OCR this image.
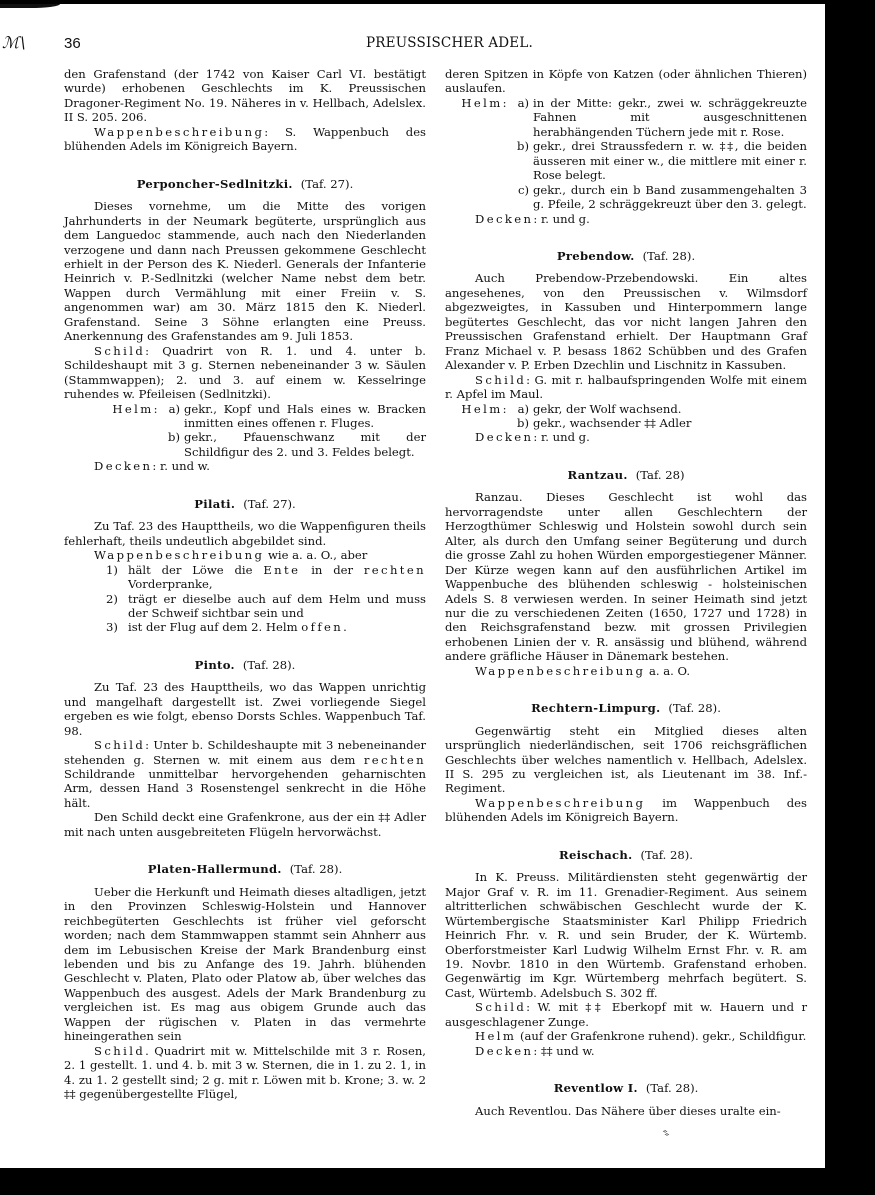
ℳ \	36	PREUSSISCHER ADEL.

den Grafenstand (der 1742 von Kaiser Carl VI. bestätigt wurde) erhobenen Geschlechts im K. Preussischen Dragoner-Regiment No. 19. Näheres in v. Hellbach, Adelslex. II S. 205. 206.

Wappenbeschreibung: S. Wappenbuch des blühenden Adels im Königreich Bayern.

Perponcher-Sedlnitzki. (Taf. 27).

Dieses vornehme, um die Mitte des vorigen Jahrhunderts in der Neumark begüterte, ursprünglich aus dem Languedoc stammende, auch nach den Niederlanden verzogene und dann nach Preussen gekommene Geschlecht erhielt in der Person des K. Niederl. Generals der Infanterie Heinrich v. P.-Sedlnitzki (welcher Name nebst dem betr. Wappen durch Vermählung mit einer Freiin v. S. angenommen war) am 30. März 1815 den K. Niederl. Grafenstand. Seine 3 Söhne erlangten eine Preuss. Anerkennung des Grafenstandes am 9. Juli 1853.

Schild: Quadrirt von R. 1. und 4. unter b. Schildeshaupt mit 3 g. Sternen nebeneinander 3 w. Säulen (Stammwappen); 2. und 3. auf einem w. Kesselringe ruhendes w. Pfeileisen (Sedlnitzki).

Helm: a) gekr., Kopf und Hals eines w. Bracken inmitten eines offenen r. Fluges.
b) gekr., Pfauenschwanz mit der Schildfigur des 2. und 3. Feldes belegt.

Decken: r. und w.

Pilati. (Taf. 27).

Zu Taf. 23 des Haupttheils, wo die Wappenfiguren theils fehlerhaft, theils undeutlich abgebildet sind.

Wappenbeschreibung wie a. a. O., aber

1) hält der Löwe die Ente in der rechten Vorderpranke,
2) trägt er dieselbe auch auf dem Helm und muss der Schweif sichtbar sein und
3) ist der Flug auf dem 2. Helm offen.
Pinto. (Taf. 28).

Zu Taf. 23 des Haupttheils, wo das Wappen unrichtig und mangelhaft dargestellt ist. Zwei vorliegende Siegel ergeben es wie folgt, ebenso Dorsts Schles. Wappenbuch Taf. 98.

Schild: Unter b. Schildeshaupte mit 3 nebeneinander stehenden g. Sternen w. mit einem aus dem rechten Schildrande unmittelbar hervorgehenden geharnischten Arm, dessen Hand 3 Rosenstengel senkrecht in die Höhe hält.

Den Schild deckt eine Grafenkrone, aus der ein ‡‡ Adler mit nach unten ausgebreiteten Flügeln hervorwächst.

Platen-Hallermund. (Taf. 28).

Ueber die Herkunft und Heimath dieses altadligen, jetzt in den Provinzen Schleswig-Holstein und Hannover reichbegüterten Geschlechts ist früher viel geforscht worden; nach dem Stammwappen stammt sein Ahnherr aus dem im Lebusischen Kreise der Mark Brandenburg einst lebenden und bis zu Anfange des 19. Jahrh. blühenden Geschlecht v. Platen, Plato oder Platow ab, über welches das Wappenbuch des ausgest. Adels der Mark Brandenburg zu vergleichen ist. Es mag aus obigem Grunde auch das Wappen der rügischen v. Platen in das vermehrte hineingerathen sein

Schild. Quadrirt mit w. Mittelschilde mit 3 r. Rosen, 2. 1 gestellt. 1. und 4. b. mit 3 w. Sternen, die in 1. zu 2. 1, in 4. zu 1. 2 gestellt sind; 2 g. mit r. Löwen mit b. Krone; 3. w. 2 ‡‡ gegenübergestellte Flügel,

deren Spitzen in Köpfe von Katzen (oder ähnlichen Thieren) auslaufen.

Helm: a) in der Mitte: gekr., zwei w. schräggekreuzte Fahnen mit ausgeschnittenen herabhängenden Tüchern jede mit r. Rose.
b) gekr., drei Straussfedern r. w. ‡‡, die beiden äusseren mit einer w., die mittlere mit einer r. Rose belegt.
c) gekr., durch ein b Band zusammengehalten 3 g. Pfeile, 2 schräggekreuzt über den 3. gelegt.

Decken: r. und g.

Prebendow. (Taf. 28).

Auch Prebendow-Przebendowski. Ein altes angesehenes, von den Preussischen v. Wilmsdorf abgezweigtes, in Kassuben und Hinterpommern lange begütertes Geschlecht, das vor nicht langen Jahren den Preussischen Grafenstand erhielt. Der Hauptmann Graf Franz Michael v. P. besass 1862 Schübben und des Grafen Alexander v. P. Erben Dzechlin und Lischnitz in Kassuben.

Schild: G. mit r. halbaufspringenden Wolfe mit einem r. Apfel im Maul.

Helm: a) gekr, der Wolf wachsend.
b) gekr., wachsender ‡‡ Adler

Decken: r. und g.

Rantzau. (Taf. 28)

Ranzau. Dieses Geschlecht ist wohl das hervorragendste unter allen Geschlechtern der Herzogthümer Schleswig und Holstein sowohl durch sein Alter, als durch den Umfang seiner Begüterung und durch die grosse Zahl zu hohen Würden emporgestiegener Männer. Der Kürze wegen kann auf den ausführlichen Artikel im Wappenbuche des blühenden schleswig - holsteinischen Adels S. 8 verwiesen werden. In seiner Heimath sind jetzt nur die zu verschiedenen Zeiten (1650, 1727 und 1728) in den Reichsgrafenstand bezw. mit grossen Privilegien erhobenen Linien der v. R. ansässig und blühend, während andere gräfliche Häuser in Dänemark bestehen.

Wappenbeschreibung a. a. O.

Rechtern-Limpurg. (Taf. 28).

Gegenwärtig steht ein Mitglied dieses alten ursprünglich niederländischen, seit 1706 reichsgräflichen Geschlechts über welches namentlich v. Hellbach, Adelslex. II S. 295 zu vergleichen ist, als Lieutenant im 38. Inf.-Regiment.

Wappenbeschreibung im Wappenbuch des blühenden Adels im Königreich Bayern.

Reischach. (Taf. 28).

In K. Preuss. Militärdiensten steht gegenwärtig der Major Graf v. R. im 11. Grenadier-Regiment. Aus seinem altritterlichen schwäbischen Geschlecht wurde der K. Würtembergische Staatsminister Karl Philipp Friedrich Heinrich Fhr. v. R. und sein Bruder, der K. Würtemb. Oberforstmeister Karl Ludwig Wilhelm Ernst Fhr. v. R. am 19. Novbr. 1810 in den Würtemb. Grafenstand erhoben. Gegenwärtig im Kgr. Würtemberg mehrfach begütert. S. Cast, Würtemb. Adelsbuch S. 302 ff.

Schild: W. mit ‡‡ Eberkopf mit w. Hauern und r ausgeschlagener Zunge.

Helm (auf der Grafenkrone ruhend). gekr., Schildfigur.

Decken: ‡‡ und w.

Reventlow I. (Taf. 28).

Auch Reventlou. Das Nähere über dieses uralte ein-

⸗⸗
